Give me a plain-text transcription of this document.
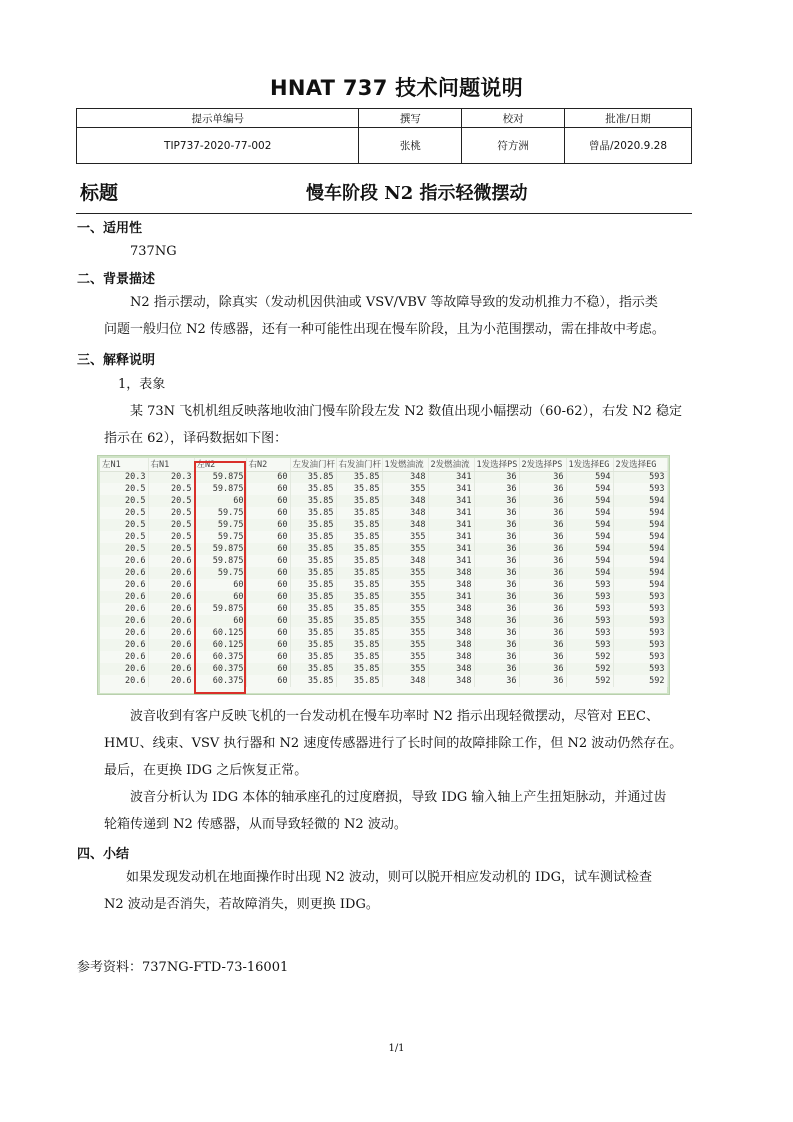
HNAT 737 技术问题说明
提示单编号	撰写	校对	批准/日期
TIP737-2020-77-002	张桃	符方洲	曾晶/2020.9.28
标题	慢车阶段 N2 指示轻微摆动
一、适用性
737NG
二、背景描述
N2 指示摆动，除真实（发动机因供油或 VSV/VBV 等故障导致的发动机推力不稳），指示类
问题一般归位 N2 传感器，还有一种可能性出现在慢车阶段，且为小范围摆动，需在排故中考虑。
三、解释说明
1，表象
某 73N 飞机机组反映落地收油门慢车阶段左发 N2 数值出现小幅摆动（60-62），右发 N2 稳定
指示在 62），译码数据如下图：
左N1	右N1	左N2	右N2	左发油门杆	右发油门杆	1发燃油流	2发燃油流	1发选择PS	2发选择PS	1发选择EG	2发选择EG
20.3	20.3	59.875	60	35.85	35.85	348	341	36	36	594	593
20.5	20.5	59.875	60	35.85	35.85	355	341	36	36	594	593
20.5	20.5	60	60	35.85	35.85	348	341	36	36	594	594
20.5	20.5	59.75	60	35.85	35.85	348	341	36	36	594	594
20.5	20.5	59.75	60	35.85	35.85	348	341	36	36	594	594
20.5	20.5	59.75	60	35.85	35.85	355	341	36	36	594	594
20.5	20.5	59.875	60	35.85	35.85	355	341	36	36	594	594
20.6	20.6	59.875	60	35.85	35.85	348	341	36	36	594	594
20.6	20.6	59.75	60	35.85	35.85	355	348	36	36	594	594
20.6	20.6	60	60	35.85	35.85	355	348	36	36	593	594
20.6	20.6	60	60	35.85	35.85	355	341	36	36	593	593
20.6	20.6	59.875	60	35.85	35.85	355	348	36	36	593	593
20.6	20.6	60	60	35.85	35.85	355	348	36	36	593	593
20.6	20.6	60.125	60	35.85	35.85	355	348	36	36	593	593
20.6	20.6	60.125	60	35.85	35.85	355	348	36	36	593	593
20.6	20.6	60.375	60	35.85	35.85	355	348	36	36	592	593
20.6	20.6	60.375	60	35.85	35.85	355	348	36	36	592	593
20.6	20.6	60.375	60	35.85	35.85	348	348	36	36	592	592
波音收到有客户反映飞机的一台发动机在慢车功率时 N2 指示出现轻微摆动，尽管对 EEC、
HMU、线束、VSV 执行器和 N2 速度传感器进行了长时间的故障排除工作，但 N2 波动仍然存在。
最后，在更换 IDG 之后恢复正常。
波音分析认为 IDG 本体的轴承座孔的过度磨损，导致 IDG 输入轴上产生扭矩脉动，并通过齿
轮箱传递到 N2 传感器，从而导致轻微的 N2 波动。
四、小结
如果发现发动机在地面操作时出现 N2 波动，则可以脱开相应发动机的 IDG，试车测试检查
N2 波动是否消失，若故障消失，则更换 IDG。
参考资料：737NG-FTD-73-16001
1/1
